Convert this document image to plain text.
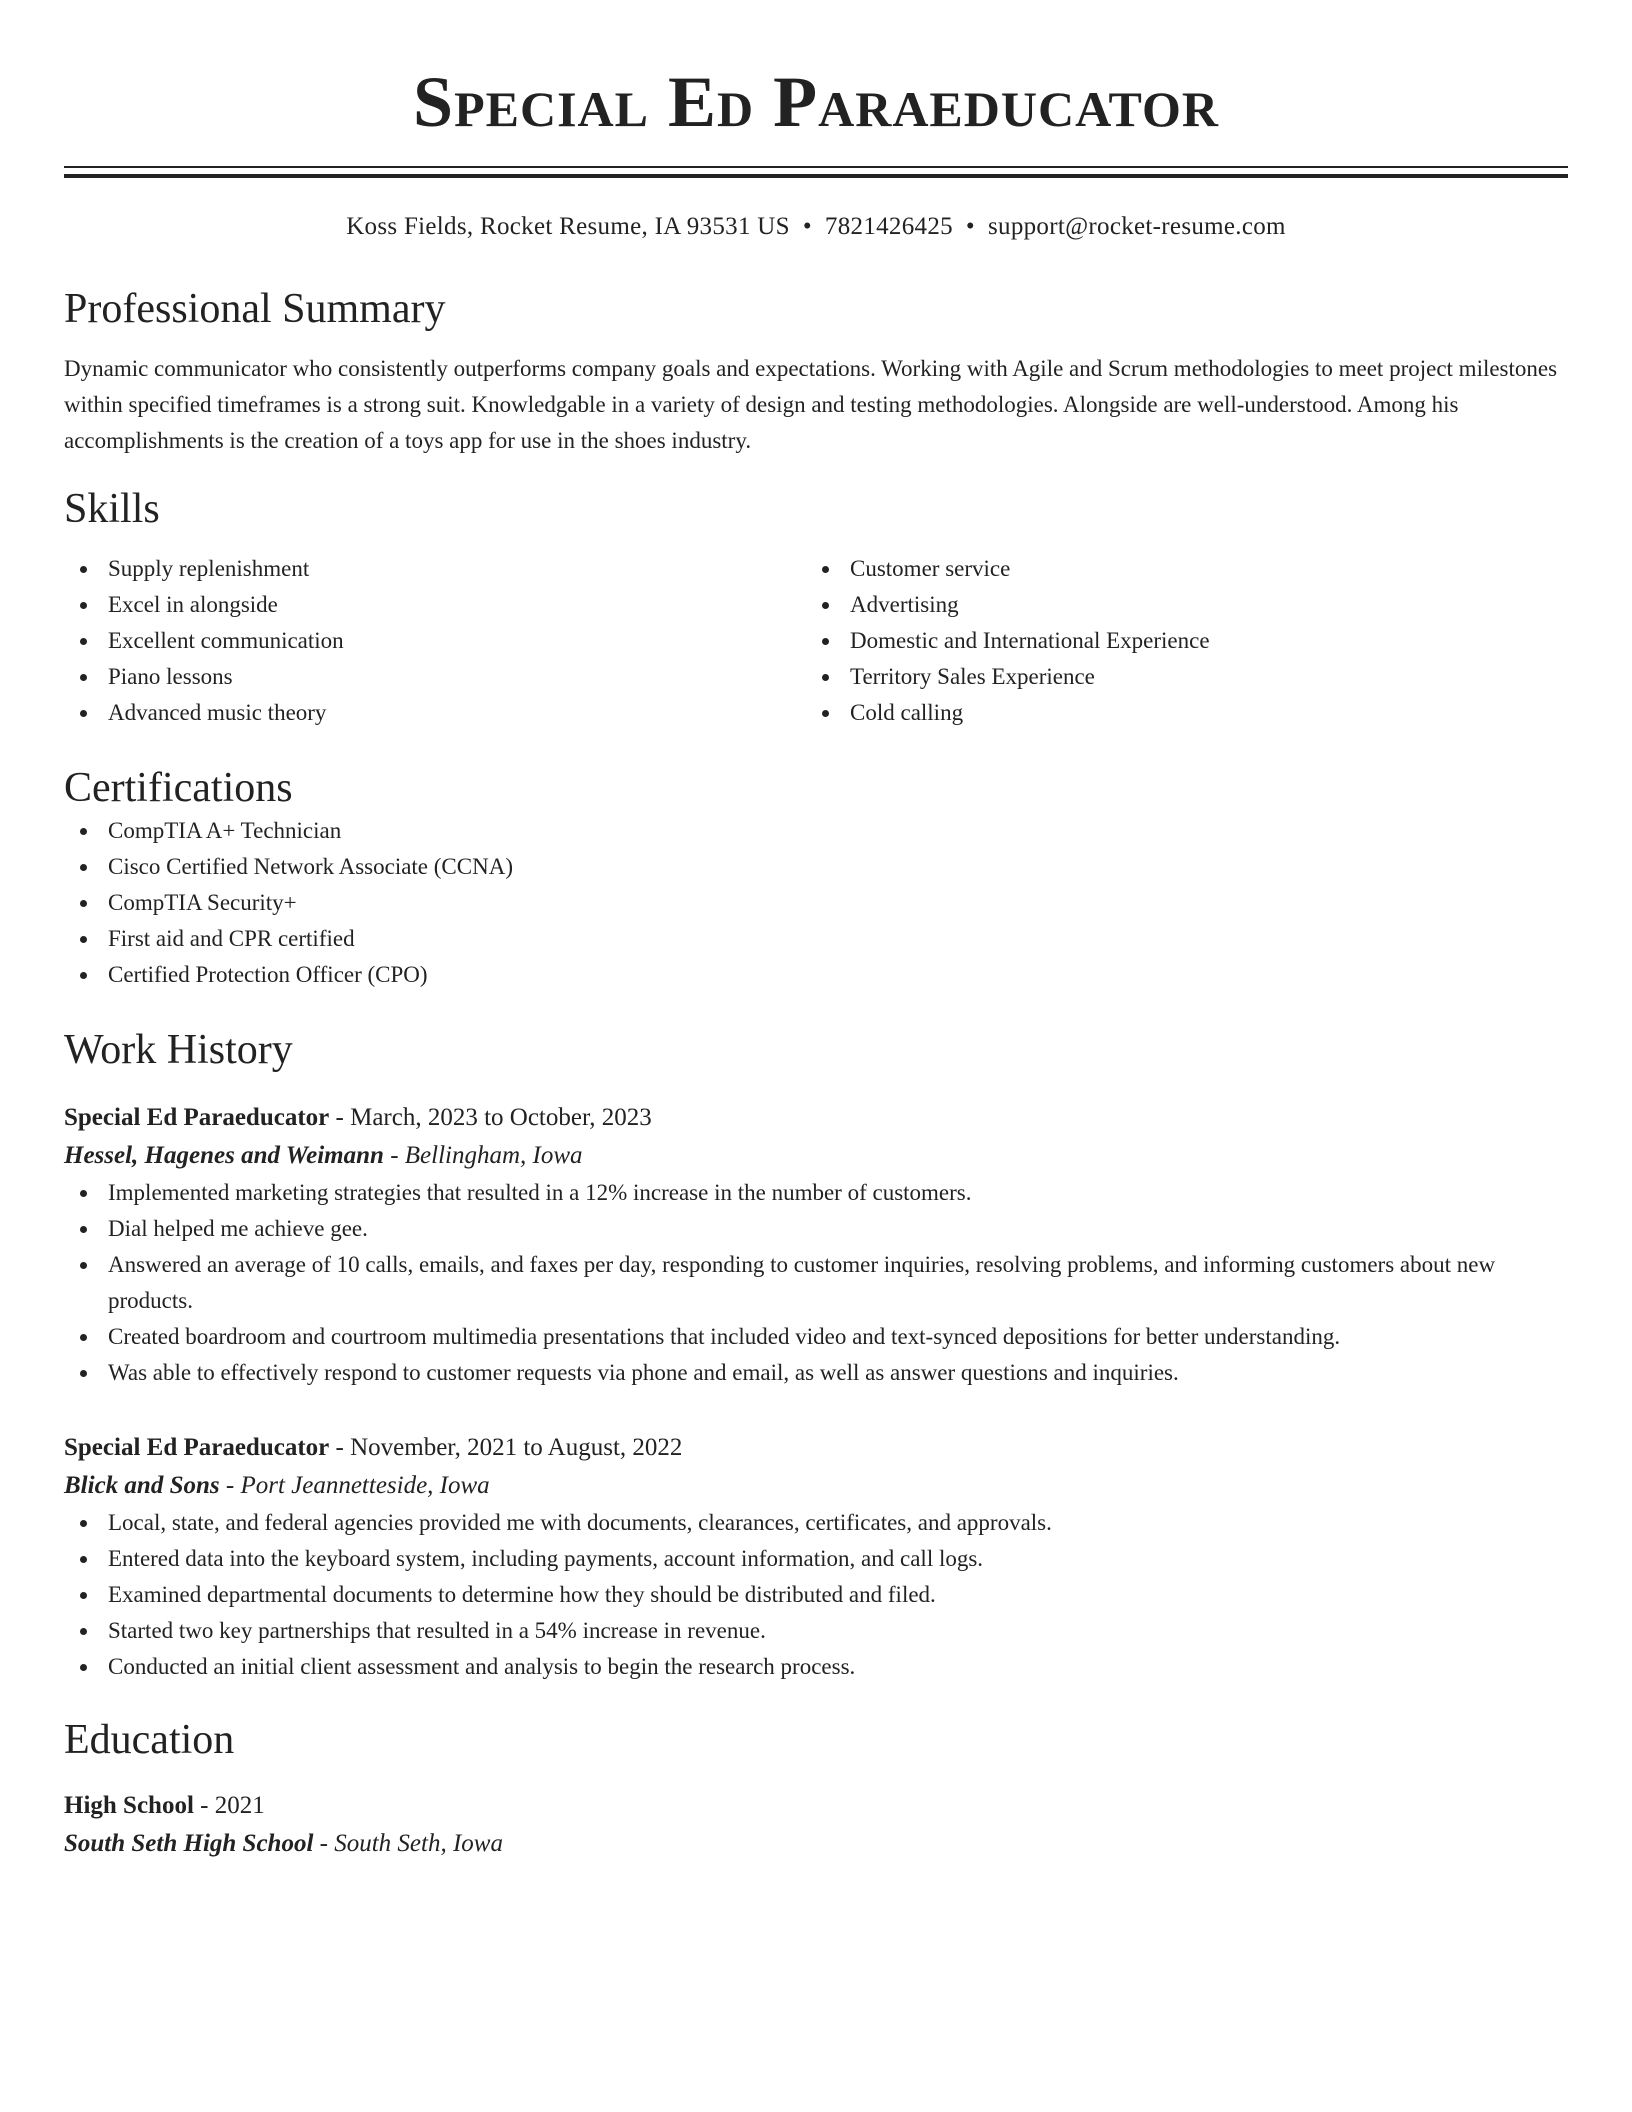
Special Ed Paraeducator
Koss Fields, Rocket Resume, IA 93531 US • 7821426425 • support@rocket-resume.com
Professional Summary

Dynamic communicator who consistently outperforms company goals and expectations. Working with Agile and Scrum methodologies to meet project milestones within specified timeframes is a strong suit. Knowledgable in a variety of design and testing methodologies. Alongside are well-understood. Among his accomplishments is the creation of a toys app for use in the shoes industry.

Skills
Supply replenishment
Excel in alongside
Excellent communication
Piano lessons
Advanced music theory
Customer service
Advertising
Domestic and International Experience
Territory Sales Experience
Cold calling
Certifications
CompTIA A+ Technician
Cisco Certified Network Associate (CCNA)
CompTIA Security+
First aid and CPR certified
Certified Protection Officer (CPO)
Work History
Special Ed Paraeducator - March, 2023 to October, 2023
Hessel, Hagenes and Weimann - Bellingham, Iowa
Implemented marketing strategies that resulted in a 12% increase in the number of customers.
Dial helped me achieve gee.
Answered an average of 10 calls, emails, and faxes per day, responding to customer inquiries, resolving problems, and informing customers about new products.
Created boardroom and courtroom multimedia presentations that included video and text-synced depositions for better understanding.
Was able to effectively respond to customer requests via phone and email, as well as answer questions and inquiries.
Special Ed Paraeducator - November, 2021 to August, 2022
Blick and Sons - Port Jeannetteside, Iowa
Local, state, and federal agencies provided me with documents, clearances, certificates, and approvals.
Entered data into the keyboard system, including payments, account information, and call logs.
Examined departmental documents to determine how they should be distributed and filed.
Started two key partnerships that resulted in a 54% increase in revenue.
Conducted an initial client assessment and analysis to begin the research process.
Education
High School - 2021
South Seth High School - South Seth, Iowa
